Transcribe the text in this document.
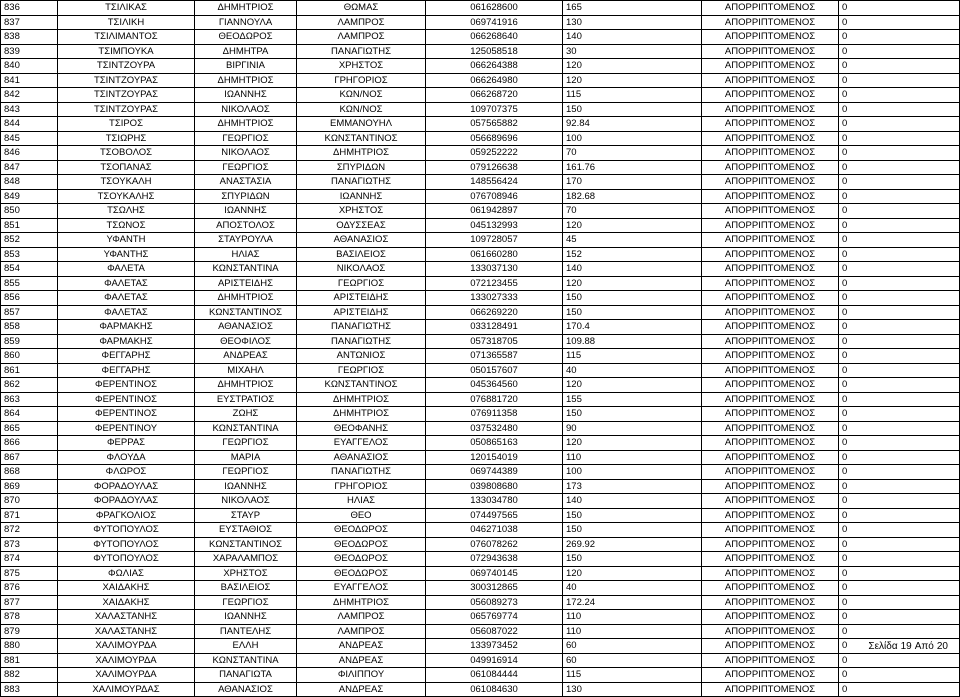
836	ΤΣΙΛΙΚΑΣ	ΔΗΜΗΤΡΙΟΣ	ΘΩΜΑΣ	061628600	165	ΑΠΟΡΡΙΠΤΟΜΕΝΟΣ	0
837	ΤΣΙΛΙΚΗ	ΓΙΑΝΝΟΥΛΑ	ΛΑΜΠΡΟΣ	069741916	130	ΑΠΟΡΡΙΠΤΟΜΕΝΟΣ	0
838	ΤΣΙΛΙΜΑΝΤΟΣ	ΘΕΟΔΩΡΟΣ	ΛΑΜΠΡΟΣ	066268640	140	ΑΠΟΡΡΙΠΤΟΜΕΝΟΣ	0
839	ΤΣΙΜΠΟΥΚΑ	ΔΗΜΗΤΡΑ	ΠΑΝΑΓΙΩΤΗΣ	125058518	30	ΑΠΟΡΡΙΠΤΟΜΕΝΟΣ	0
840	ΤΣΙΝΤΖΟΥΡΑ	ΒΙΡΓΙΝΙΑ	ΧΡΗΣΤΟΣ	066264388	120	ΑΠΟΡΡΙΠΤΟΜΕΝΟΣ	0
841	ΤΣΙΝΤΖΟΥΡΑΣ	ΔΗΜΗΤΡΙΟΣ	ΓΡΗΓΟΡΙΟΣ	066264980	120	ΑΠΟΡΡΙΠΤΟΜΕΝΟΣ	0
842	ΤΣΙΝΤΖΟΥΡΑΣ	ΙΩΑΝΝΗΣ	ΚΩΝ/ΝΟΣ	066268720	115	ΑΠΟΡΡΙΠΤΟΜΕΝΟΣ	0
843	ΤΣΙΝΤΖΟΥΡΑΣ	ΝΙΚΟΛΑΟΣ	ΚΩΝ/ΝΟΣ	109707375	150	ΑΠΟΡΡΙΠΤΟΜΕΝΟΣ	0
844	ΤΣΙΡΟΣ	ΔΗΜΗΤΡΙΟΣ	ΕΜΜΑΝΟΥΗΛ	057565882	92.84	ΑΠΟΡΡΙΠΤΟΜΕΝΟΣ	0
845	ΤΣΙΩΡΗΣ	ΓΕΩΡΓΙΟΣ	ΚΩΝΣΤΑΝΤΙΝΟΣ	056689696	100	ΑΠΟΡΡΙΠΤΟΜΕΝΟΣ	0
846	ΤΣΟΒΟΛΟΣ	ΝΙΚΟΛΑΟΣ	ΔΗΜΗΤΡΙΟΣ	059252222	70	ΑΠΟΡΡΙΠΤΟΜΕΝΟΣ	0
847	ΤΣΟΠΑΝΑΣ	ΓΕΩΡΓΙΟΣ	ΣΠΥΡΙΔΩΝ	079126638	161.76	ΑΠΟΡΡΙΠΤΟΜΕΝΟΣ	0
848	ΤΣΟΥΚΑΛΗ	ΑΝΑΣΤΑΣΙΑ	ΠΑΝΑΓΙΩΤΗΣ	148556424	170	ΑΠΟΡΡΙΠΤΟΜΕΝΟΣ	0
849	ΤΣΟΥΚΑΛΗΣ	ΣΠΥΡΙΔΩΝ	ΙΩΑΝΝΗΣ	076708946	182.68	ΑΠΟΡΡΙΠΤΟΜΕΝΟΣ	0
850	ΤΣΩΛΗΣ	ΙΩΑΝΝΗΣ	ΧΡΗΣΤΟΣ	061942897	70	ΑΠΟΡΡΙΠΤΟΜΕΝΟΣ	0
851	ΤΣΩΝΟΣ	ΑΠΟΣΤΟΛΟΣ	ΟΔΥΣΣΕΑΣ	045132993	120	ΑΠΟΡΡΙΠΤΟΜΕΝΟΣ	0
852	ΥΦΑΝΤΗ	ΣΤΑΥΡΟΥΛΑ	ΑΘΑΝΑΣΙΟΣ	109728057	45	ΑΠΟΡΡΙΠΤΟΜΕΝΟΣ	0
853	ΥΦΑΝΤΗΣ	ΗΛΙΑΣ	ΒΑΣΙΛΕΙΟΣ	061660280	152	ΑΠΟΡΡΙΠΤΟΜΕΝΟΣ	0
854	ΦΑΛΕΤΑ	ΚΩΝΣΤΑΝΤΙΝΑ	ΝΙΚΟΛΑΟΣ	133037130	140	ΑΠΟΡΡΙΠΤΟΜΕΝΟΣ	0
855	ΦΑΛΕΤΑΣ	ΑΡΙΣΤΕΙΔΗΣ	ΓΕΩΡΓΙΟΣ	072123455	120	ΑΠΟΡΡΙΠΤΟΜΕΝΟΣ	0
856	ΦΑΛΕΤΑΣ	ΔΗΜΗΤΡΙΟΣ	ΑΡΙΣΤΕΙΔΗΣ	133027333	150	ΑΠΟΡΡΙΠΤΟΜΕΝΟΣ	0
857	ΦΑΛΕΤΑΣ	ΚΩΝΣΤΑΝΤΙΝΟΣ	ΑΡΙΣΤΕΙΔΗΣ	066269220	150	ΑΠΟΡΡΙΠΤΟΜΕΝΟΣ	0
858	ΦΑΡΜΑΚΗΣ	ΑΘΑΝΑΣΙΟΣ	ΠΑΝΑΓΙΩΤΗΣ	033128491	170.4	ΑΠΟΡΡΙΠΤΟΜΕΝΟΣ	0
859	ΦΑΡΜΑΚΗΣ	ΘΕΟΦΙΛΟΣ	ΠΑΝΑΓΙΩΤΗΣ	057318705	109.88	ΑΠΟΡΡΙΠΤΟΜΕΝΟΣ	0
860	ΦΕΓΓΑΡΗΣ	ΑΝΔΡΕΑΣ	ΑΝΤΩΝΙΟΣ	071365587	115	ΑΠΟΡΡΙΠΤΟΜΕΝΟΣ	0
861	ΦΕΓΓΑΡΗΣ	ΜΙΧΑΗΛ	ΓΕΩΡΓΙΟΣ	050157607	40	ΑΠΟΡΡΙΠΤΟΜΕΝΟΣ	0
862	ΦΕΡΕΝΤΙΝΟΣ	ΔΗΜΗΤΡΙΟΣ	ΚΩΝΣΤΑΝΤΙΝΟΣ	045364560	120	ΑΠΟΡΡΙΠΤΟΜΕΝΟΣ	0
863	ΦΕΡΕΝΤΙΝΟΣ	ΕΥΣΤΡΑΤΙΟΣ	ΔΗΜΗΤΡΙΟΣ	076881720	155	ΑΠΟΡΡΙΠΤΟΜΕΝΟΣ	0
864	ΦΕΡΕΝΤΙΝΟΣ	ΖΩΗΣ	ΔΗΜΗΤΡΙΟΣ	076911358	150	ΑΠΟΡΡΙΠΤΟΜΕΝΟΣ	0
865	ΦΕΡΕΝΤΙΝΟΥ	ΚΩΝΣΤΑΝΤΙΝΑ	ΘΕΟΦΑΝΗΣ	037532480	90	ΑΠΟΡΡΙΠΤΟΜΕΝΟΣ	0
866	ΦΕΡΡΑΣ	ΓΕΩΡΓΙΟΣ	ΕΥΑΓΓΕΛΟΣ	050865163	120	ΑΠΟΡΡΙΠΤΟΜΕΝΟΣ	0
867	ΦΛΟΥΔΑ	ΜΑΡΙΑ	ΑΘΑΝΑΣΙΟΣ	120154019	110	ΑΠΟΡΡΙΠΤΟΜΕΝΟΣ	0
868	ΦΛΩΡΟΣ	ΓΕΩΡΓΙΟΣ	ΠΑΝΑΓΙΩΤΗΣ	069744389	100	ΑΠΟΡΡΙΠΤΟΜΕΝΟΣ	0
869	ΦΟΡΑΔΟΥΛΑΣ	ΙΩΑΝΝΗΣ	ΓΡΗΓΟΡΙΟΣ	039808680	173	ΑΠΟΡΡΙΠΤΟΜΕΝΟΣ	0
870	ΦΟΡΑΔΟΥΛΑΣ	ΝΙΚΟΛΑΟΣ	ΗΛΙΑΣ	133034780	140	ΑΠΟΡΡΙΠΤΟΜΕΝΟΣ	0
871	ΦΡΑΓΚΟΛΙΟΣ	ΣΤΑΥΡ	ΘΕΟ	074497565	150	ΑΠΟΡΡΙΠΤΟΜΕΝΟΣ	0
872	ΦΥΤΟΠΟΥΛΟΣ	ΕΥΣΤΑΘΙΟΣ	ΘΕΟΔΩΡΟΣ	046271038	150	ΑΠΟΡΡΙΠΤΟΜΕΝΟΣ	0
873	ΦΥΤΟΠΟΥΛΟΣ	ΚΩΝΣΤΑΝΤΙΝΟΣ	ΘΕΟΔΩΡΟΣ	076078262	269.92	ΑΠΟΡΡΙΠΤΟΜΕΝΟΣ	0
874	ΦΥΤΟΠΟΥΛΟΣ	ΧΑΡΑΛΑΜΠΟΣ	ΘΕΟΔΩΡΟΣ	072943638	150	ΑΠΟΡΡΙΠΤΟΜΕΝΟΣ	0
875	ΦΩΛΙΑΣ	ΧΡΗΣΤΟΣ	ΘΕΟΔΩΡΟΣ	069740145	120	ΑΠΟΡΡΙΠΤΟΜΕΝΟΣ	0
876	ΧΑΙΔΑΚΗΣ	ΒΑΣΙΛΕΙΟΣ	ΕΥΑΓΓΕΛΟΣ	300312865	40	ΑΠΟΡΡΙΠΤΟΜΕΝΟΣ	0
877	ΧΑΙΔΑΚΗΣ	ΓΕΩΡΓΙΟΣ	ΔΗΜΗΤΡΙΟΣ	056089273	172.24	ΑΠΟΡΡΙΠΤΟΜΕΝΟΣ	0
878	ΧΑΛΑΣΤΑΝΗΣ	ΙΩΑΝΝΗΣ	ΛΑΜΠΡΟΣ	065769774	110	ΑΠΟΡΡΙΠΤΟΜΕΝΟΣ	0
879	ΧΑΛΑΣΤΑΝΗΣ	ΠΑΝΤΕΛΗΣ	ΛΑΜΠΡΟΣ	056087022	110	ΑΠΟΡΡΙΠΤΟΜΕΝΟΣ	0
880	ΧΑΛΙΜΟΥΡΔΑ	ΕΛΛΗ	ΑΝΔΡΕΑΣ	133973452	60	ΑΠΟΡΡΙΠΤΟΜΕΝΟΣ	0
881	ΧΑΛΙΜΟΥΡΔΑ	ΚΩΝΣΤΑΝΤΙΝΑ	ΑΝΔΡΕΑΣ	049916914	60	ΑΠΟΡΡΙΠΤΟΜΕΝΟΣ	0
882	ΧΑΛΙΜΟΥΡΔΑ	ΠΑΝΑΓΙΩΤΑ	ΦΙΛΙΠΠΟΥ	061084444	115	ΑΠΟΡΡΙΠΤΟΜΕΝΟΣ	0
883	ΧΑΛΙΜΟΥΡΔΑΣ	ΑΘΑΝΑΣΙΟΣ	ΑΝΔΡΕΑΣ	061084630	130	ΑΠΟΡΡΙΠΤΟΜΕΝΟΣ	0
Σελίδα 19 Από 20
